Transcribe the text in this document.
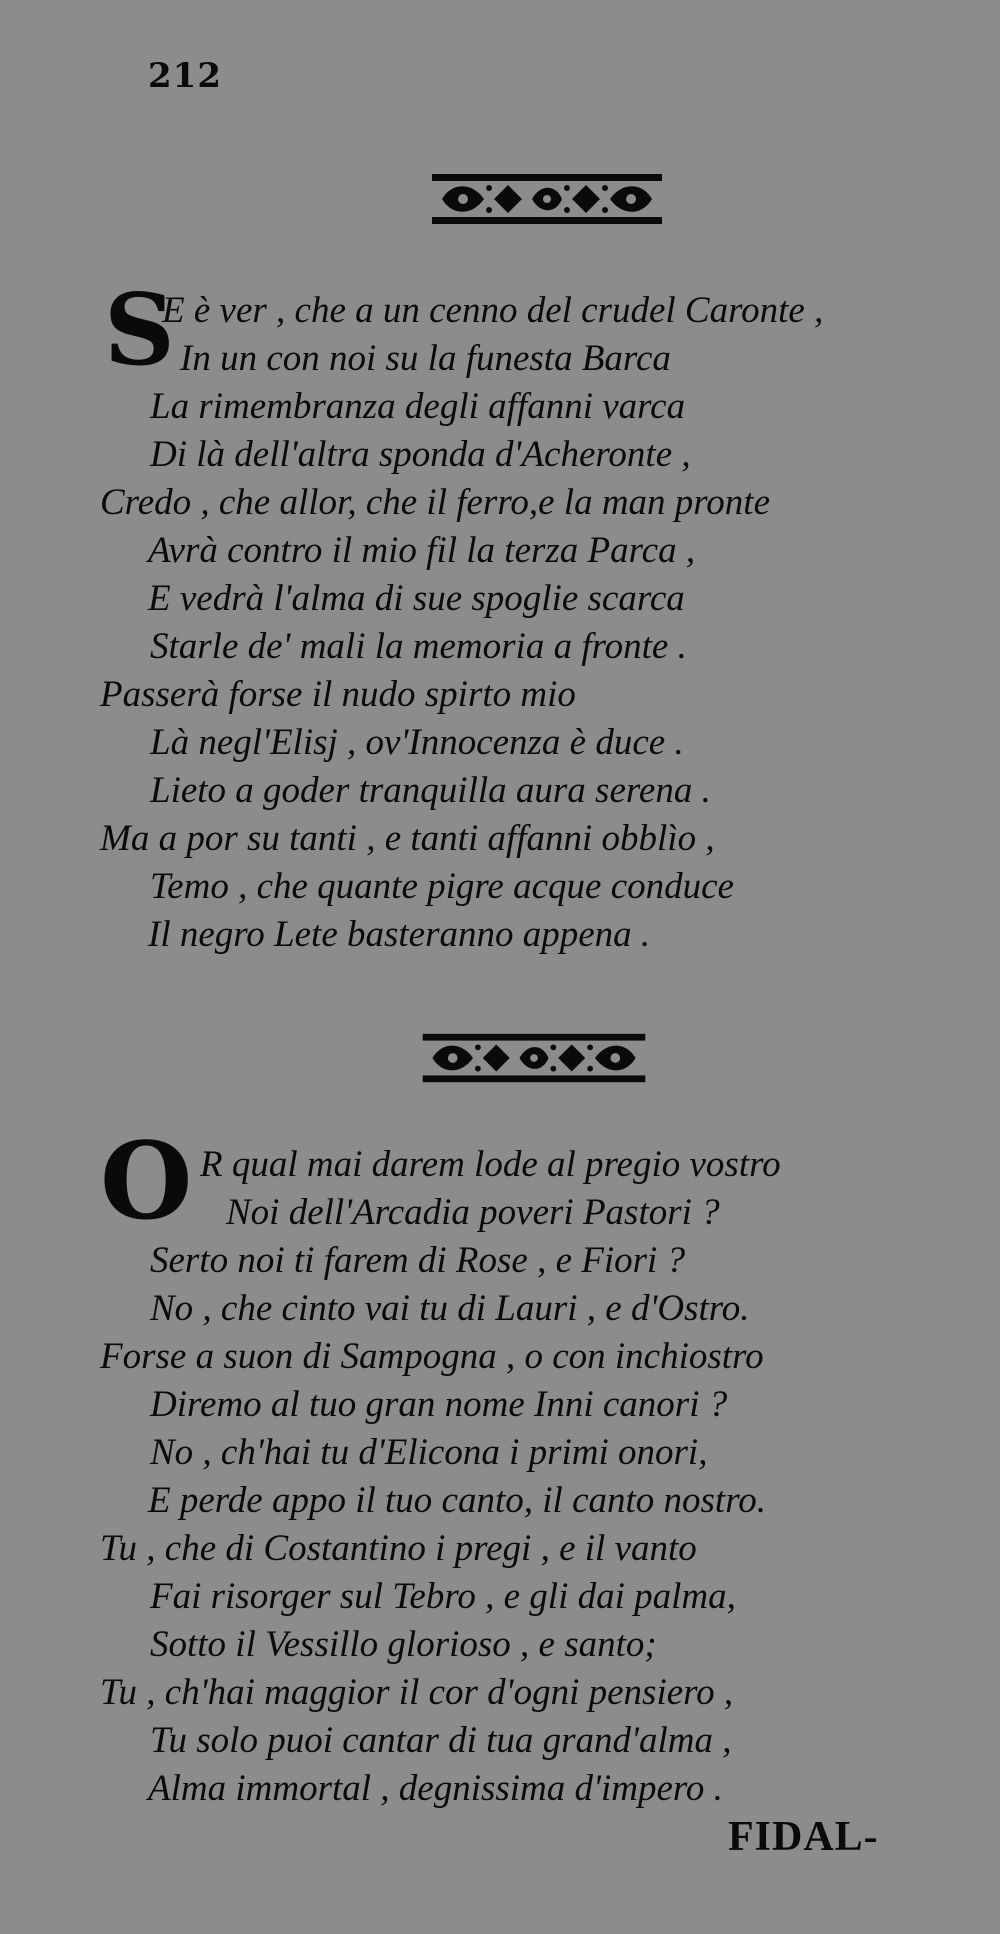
212
S
E è ver , che a un cenno del crudel Caronte ,
In un con noi su la funesta Barca
La rimembranza degli affanni varca
Di là dell'altra sponda d'Acheronte ,
Credo , che allor, che il ferro,e la man pronte
Avrà contro il mio fil la terza Parca ,
E vedrà l'alma di sue spoglie scarca
Starle de' mali la memoria a fronte .
Passerà forse il nudo spirto mio
Là negl'Elisj , ov'Innocenza è duce .
Lieto a goder tranquilla aura serena .
Ma a por su tanti , e tanti affanni obblìo ,
Temo , che quante pigre acque conduce
Il negro Lete basteranno appena .
O R qual mai darem lode al pregio vostro
Noi dell'Arcadia poveri Pastori ?
Serto noi ti farem di Rose , e Fiori ?
No , che cinto vai tu di Lauri , e d'Ostro.
Forse a suon di Sampogna , o con inchiostro
Diremo al tuo gran nome Inni canori ?
No , ch'hai tu d'Elicona i primi onori,
E perde appo il tuo canto, il canto nostro.
Tu , che di Costantino i pregi , e il vanto
Fai risorger sul Tebro , e gli dai palma,
Sotto il Vessillo glorioso , e santo;
Tu , ch'hai maggior il cor d'ogni pensiero ,
Tu solo puoi cantar di tua grand'alma ,
Alma immortal , degnissima d'impero .
FIDAL-
